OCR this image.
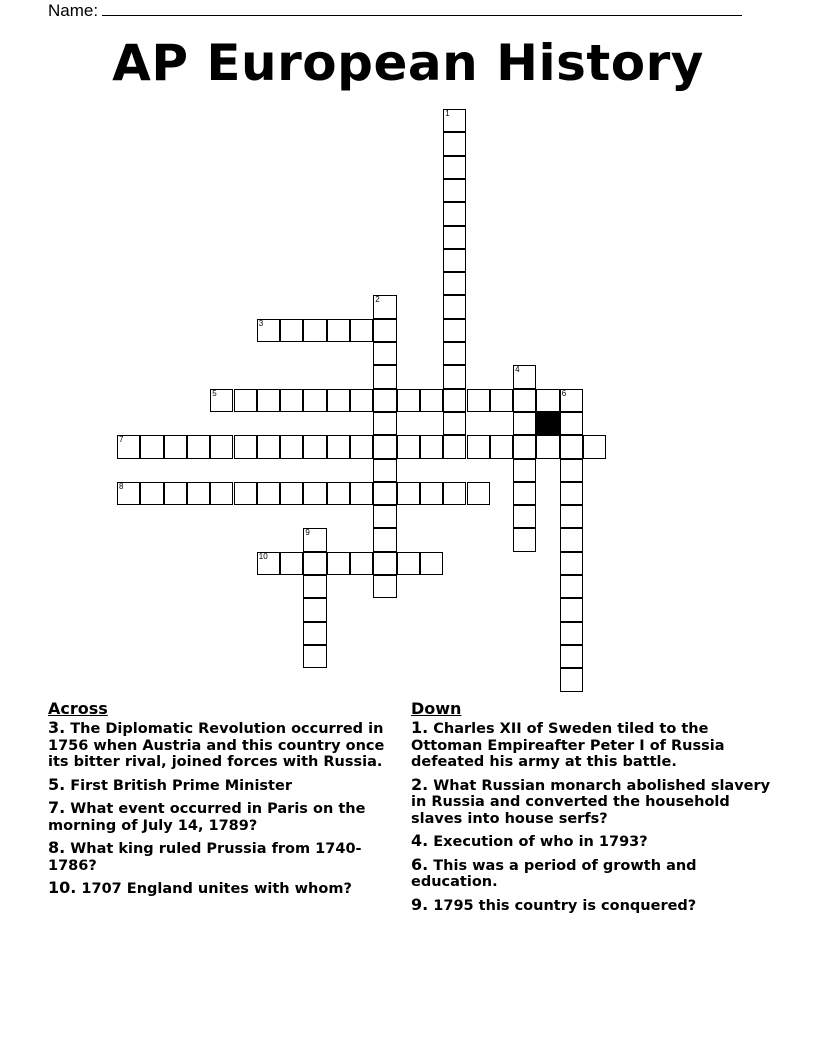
Name:
AP European History
1
2
3
4
5	6
7
8
9
10
Across
3. The Diplomatic Revolution occurred in 1756 when Austria and this country once its bitter rival, joined forces with Russia.
5. First British Prime Minister
7. What event occurred in Paris on the morning of July 14, 1789?
8. What king ruled Prussia from 1740-1786?
10. 1707 England unites with whom?
Down
1. Charles XII of Sweden tiled to the Ottoman Empireafter Peter I of Russia defeated his army at this battle.
2. What Russian monarch abolished slavery in Russia and converted the household slaves into house serfs?
4. Execution of who in 1793?
6. This was a period of growth and education.
9. 1795 this country is conquered?
